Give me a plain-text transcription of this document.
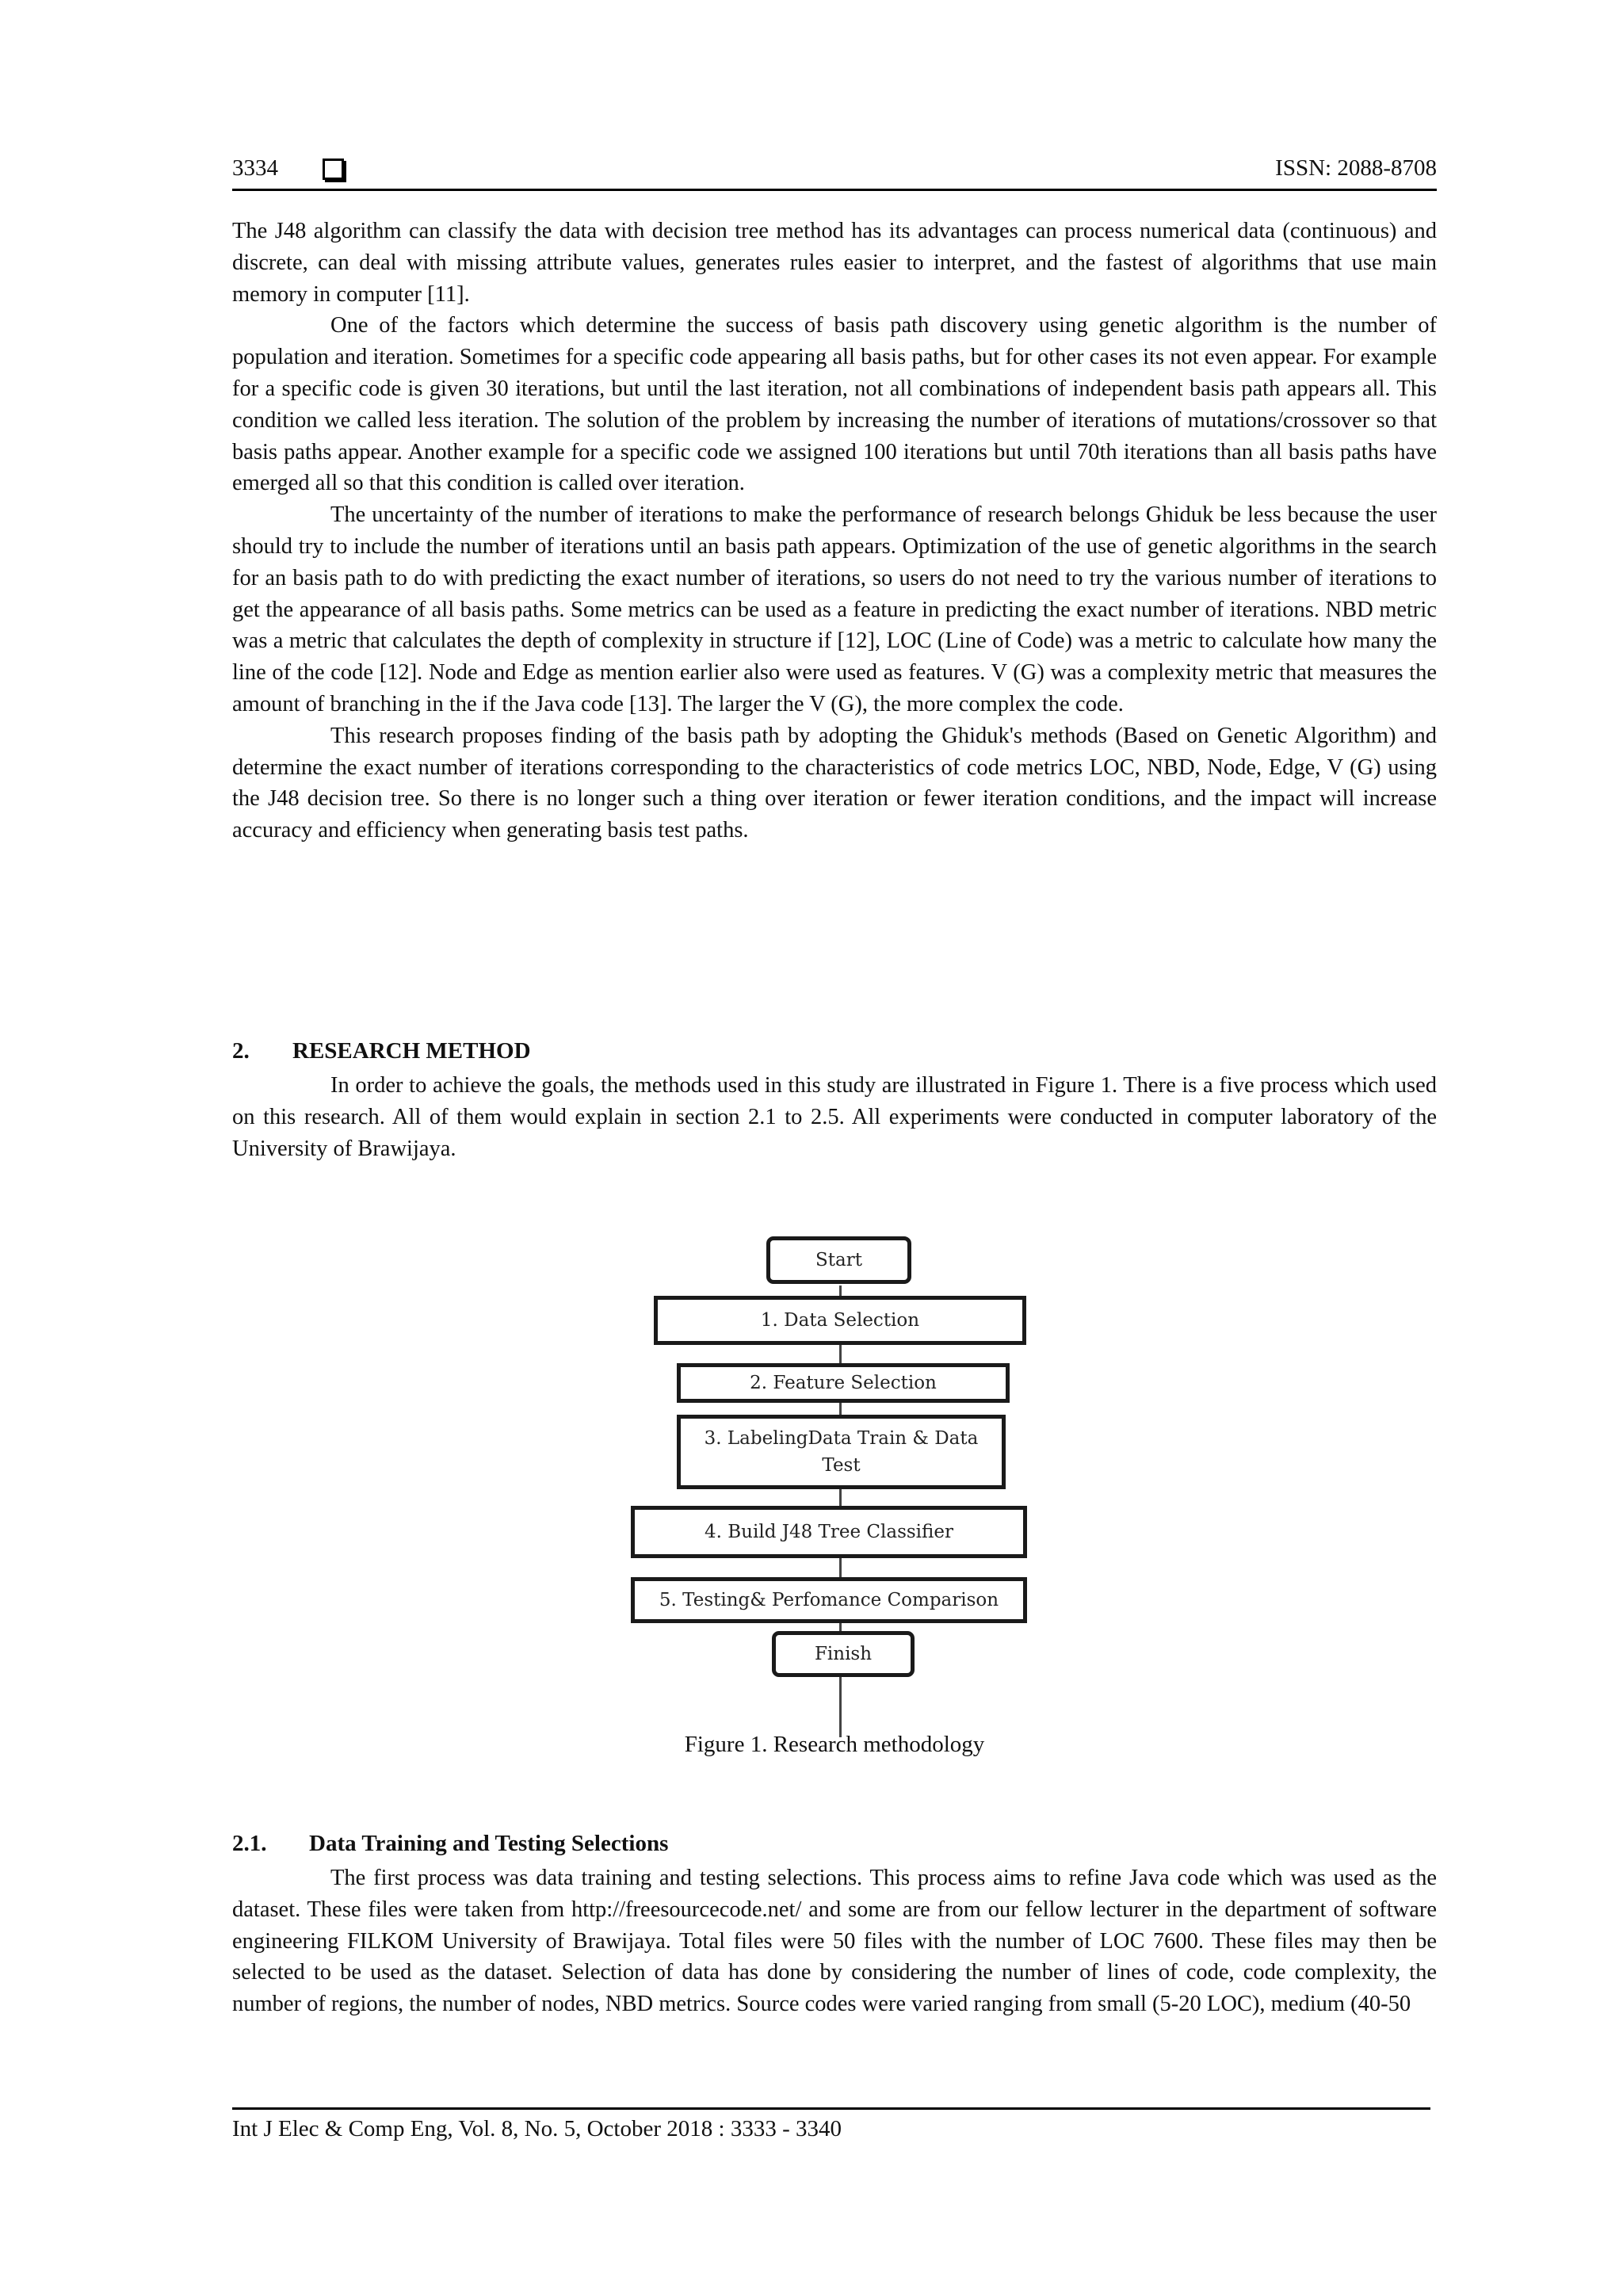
3334	ISSN: 2088-8708

The J48 algorithm can classify the data with decision tree method has its advantages can process numerical data (continuous) and discrete, can deal with missing attribute values, generates rules easier to interpret, and the fastest of algorithms that use main memory in computer [11].

One of the factors which determine the success of basis path discovery using genetic algorithm is the number of population and iteration. Sometimes for a specific code appearing all basis paths, but for other cases its not even appear. For example for a specific code is given 30 iterations, but until the last iteration, not all combinations of independent basis path appears all. This condition we called less iteration. The solution of the problem by increasing the number of iterations of mutations/crossover so that basis paths appear. Another example for a specific code we assigned 100 iterations but until 70th iterations than all basis paths have emerged all so that this condition is called over iteration.

The uncertainty of the number of iterations to make the performance of research belongs Ghiduk be less because the user should try to include the number of iterations until an basis path appears. Optimization of the use of genetic algorithms in the search for an basis path to do with predicting the exact number of iterations, so users do not need to try the various number of iterations to get the appearance of all basis paths. Some metrics can be used as a feature in predicting the exact number of iterations. NBD metric was a metric that calculates the depth of complexity in structure if [12], LOC (Line of Code) was a metric to calculate how many the line of the code [12]. Node and Edge as mention earlier also were used as features. V (G) was a complexity metric that measures the amount of branching in the if the Java code [13]. The larger the V (G), the more complex the code.

This research proposes finding of the basis path by adopting the Ghiduk's methods (Based on Genetic Algorithm) and determine the exact number of iterations corresponding to the characteristics of code metrics LOC, NBD, Node, Edge, V (G) using the J48 decision tree. So there is no longer such a thing over iteration or fewer iteration conditions, and the impact will increase accuracy and efficiency when generating basis test paths.

2. RESEARCH METHOD

In order to achieve the goals, the methods used in this study are illustrated in Figure 1. There is a five process which used on this research. All of them would explain in section 2.1 to 2.5. All experiments were conducted in computer laboratory of the University of Brawijaya.

Start
1. Data Selection
2. Feature Selection
3. LabelingData Train & Data Test
4. Build J48 Tree Classifier
5. Testing& Perfomance Comparison
Finish
Figure 1. Research methodology
2.1. Data Training and Testing Selections

The first process was data training and testing selections. This process aims to refine Java code which was used as the dataset. These files were taken from http://freesourcecode.net/ and some are from our fellow lecturer in the department of software engineering FILKOM University of Brawijaya. Total files were 50 files with the number of LOC 7600. These files may then be selected to be used as the dataset. Selection of data has done by considering the number of lines of code, code complexity, the number of regions, the number of nodes, NBD metrics. Source codes were varied ranging from small (5-20 LOC), medium (40-50

Int J Elec & Comp Eng, Vol. 8, No. 5, October 2018 : 3333 - 3340
